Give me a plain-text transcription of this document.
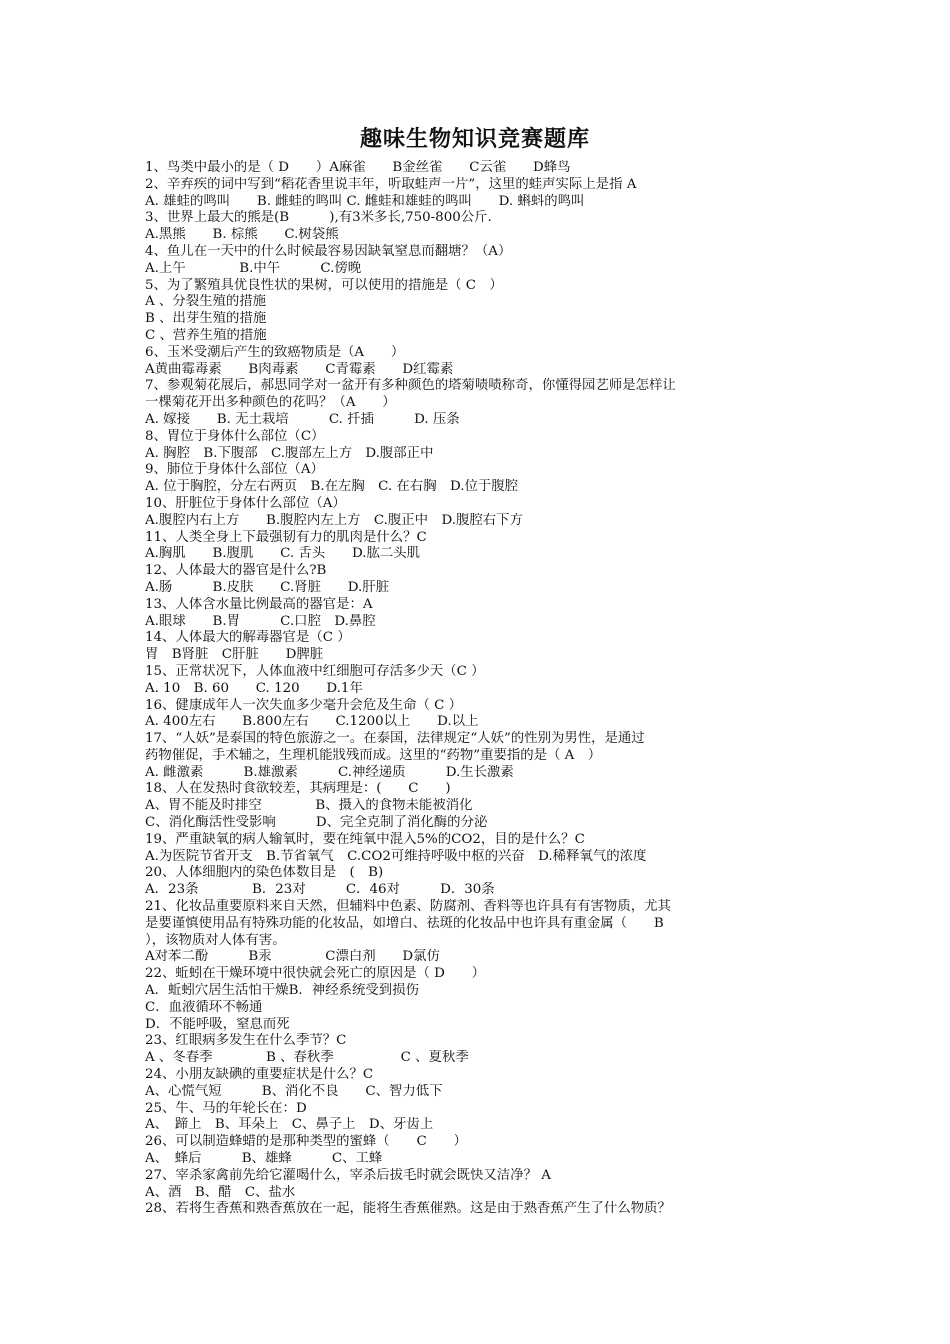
趣味生物知识竞赛题库
1、鸟类中最小的是（ D　　）A麻雀　　B金丝雀　　C云雀　　D蜂鸟
2、辛弃疾的词中写到“稻花香里说丰年，听取蛙声一片”，这里的蛙声实际上是指 A
A. 雄蛙的鸣叫　　B. 雌蛙的鸣叫 C. 雌蛙和雄蛙的鸣叫　　D. 蝌蚪的鸣叫
3、世界上最大的熊是(B　　　),有3米多长,750-800公斤.
A.黑熊　　B. 棕熊　　C.树袋熊
4、鱼儿在一天中的什么时候最容易因缺氧窒息而翻塘？（A）
A.上午　　　　B.中午　　　C.傍晚
5、为了繁殖具优良性状的果树，可以使用的措施是（ C　）
A 、分裂生殖的措施
B 、出芽生殖的措施
C 、营养生殖的措施
6、玉米受潮后产生的致癌物质是（A　　）
A黄曲霉毒素　　B肉毒素　　C青霉素　　D红霉素
7、参观菊花展后，郝思同学对一盆开有多种颜色的塔菊啧啧称奇，你懂得园艺师是怎样让
一棵菊花开出多种颜色的花吗？（A　　）
A. 嫁接　　B. 无土栽培　　　C. 扦插　　　D. 压条
8、胃位于身体什么部位（C）
A. 胸腔　B.下腹部　C.腹部左上方　D.腹部正中
9、肺位于身体什么部位（A）
A. 位于胸腔，分左右两页　B.在左胸　C. 在右胸　D.位于腹腔
10、肝脏位于身体什么部位（A）
A.腹腔内右上方　　B.腹腔内左上方　C.腹正中　D.腹腔右下方
11、人类全身上下最强韧有力的肌肉是什么？C
A.胸肌　　B.腹肌　　C. 舌头　　D.肱二头肌
12、人体最大的器官是什么?B
A.肠　　　B.皮肤　　C.肾脏　　D.肝脏
13、人体含水量比例最高的器官是：A
A.眼球　　B.胃　　　C.口腔　D.鼻腔
14、人体最大的解毒器官是（C ）
胃　B肾脏　C肝脏　　D脾脏
15、正常状况下，人体血液中红细胞可存活多少天（C ）
A. 10　B. 60　　C. 120　　D.1年
16、健康成年人一次失血多少毫升会危及生命（ C ）
A. 400左右　　B.800左右　　C.1200以上　　D.以上
17、“人妖”是泰国的特色旅游之一。在泰国，法律规定“人妖”的性别为男性，是通过
药物催促，手术辅之，生理机能戕残而成。这里的“药物”重要指的是（ A　）
A. 雌激素　　　B.雄激素　　　C.神经递质　　　D.生长激素
18、人在发热时食欲较差，其病理是：(　　C　　)
A、胃不能及时排空　　　　B、摄入的食物未能被消化
C、消化酶活性受影响　　　D、完全克制了消化酶的分泌
19、严重缺氧的病人输氧时，要在纯氧中混入5%的CO2，目的是什么？C
A.为医院节省开支　B.节省氧气　C.CO2可维持呼吸中枢的兴奋　D.稀释氧气的浓度
20、人体细胞内的染色体数目是　(　B)
A．23条　　　　B．23对　　　C．46对　　　D．30条
21、化妆品重要原料来自天然，但辅料中色素、防腐剂、香料等也许具有有害物质，尤其
是要谨慎使用品有特殊功能的化妆品，如增白、祛斑的化妆品中也许具有重金属（　　B
），该物质对人体有害。
A对苯二酚　　　B汞　　　　C漂白剂　　D氯仿
22、蚯蚓在干燥环境中很快就会死亡的原因是（ D　　）
A．蚯蚓穴居生活怕干燥B．神经系统受到损伤
C．血液循环不畅通
D．不能呼吸，窒息而死
23、红眼病多发生在什么季节？C
A 、冬春季　　　　B 、春秋季　　　　　C 、夏秋季
24、小朋友缺碘的重要症状是什么？C
A、心慌气短　　　B、消化不良　　C、智力低下
25、牛、马的年轮长在：D
A、　蹄上　B、耳朵上　C、鼻子上　D、牙齿上
26、可以制造蜂蜡的是那种类型的蜜蜂（　　C　　）
A、　蜂后　　　B、雄蜂　　　C、工蜂
27、宰杀家禽前先给它灌喝什么，宰杀后拔毛时就会既快又洁净？ A
A、酒　B、醋　C、盐水
28、若将生香蕉和熟香蕉放在一起，能将生香蕉催熟。这是由于熟香蕉产生了什么物质？
